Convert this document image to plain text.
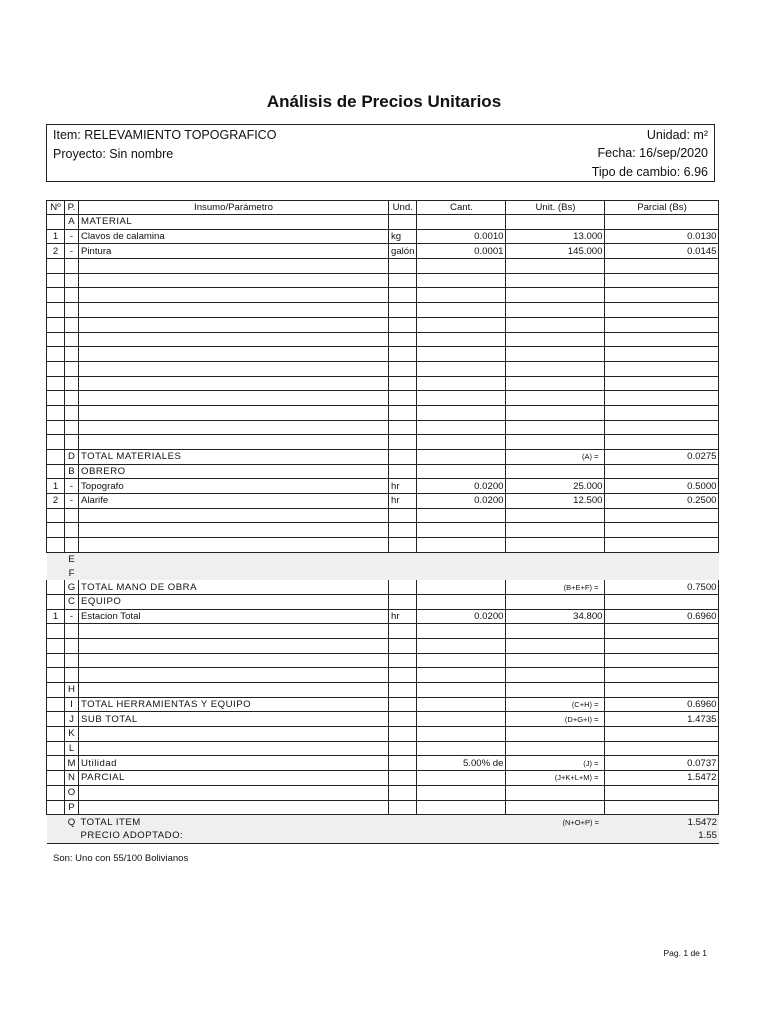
Análisis de Precios Unitarios
Item: RELEVAMIENTO TOPOGRAFICO
Proyecto: Sin nombre
Unidad: m²
Fecha: 16/sep/2020
Tipo de cambio: 6.96
Nº	P.	Insumo/Parámetro	Und.	Cant.	Unit. (Bs)	Parcial (Bs)
	A	MATERIAL				
1	-	Clavos de calamina	kg	0.0010	13.000	0.0130
2	-	Pintura	galón	0.0001	145.000	0.0145

	D	TOTAL MATERIALES			(A) =	0.0275
	B	OBRERO				
1	-	Topografo	hr	0.0200	25.000	0.5000
2	-	Alarife	hr	0.0200	12.500	0.2500

	E					
	F					
	G	TOTAL MANO DE OBRA			(B+E+F) =	0.7500
	C	EQUIPO				
1	-	Estacion Total	hr	0.0200	34.800	0.6960

	H					
	I	TOTAL HERRAMIENTAS Y EQUIPO			(C+H) =	0.6960
	J	SUB TOTAL			(D+G+I) =	1.4735
	K					
	L					
	M	Utilidad		5.00% de	(J) =	0.0737
	N	PARCIAL			(J+K+L+M) =	1.5472
	O					
	P					
	Q	TOTAL ITEM			(N+O+P) =	1.5472
		PRECIO ADOPTADO:				1.55
Son: Uno con 55/100 Bolivianos
Pag. 1 de 1
